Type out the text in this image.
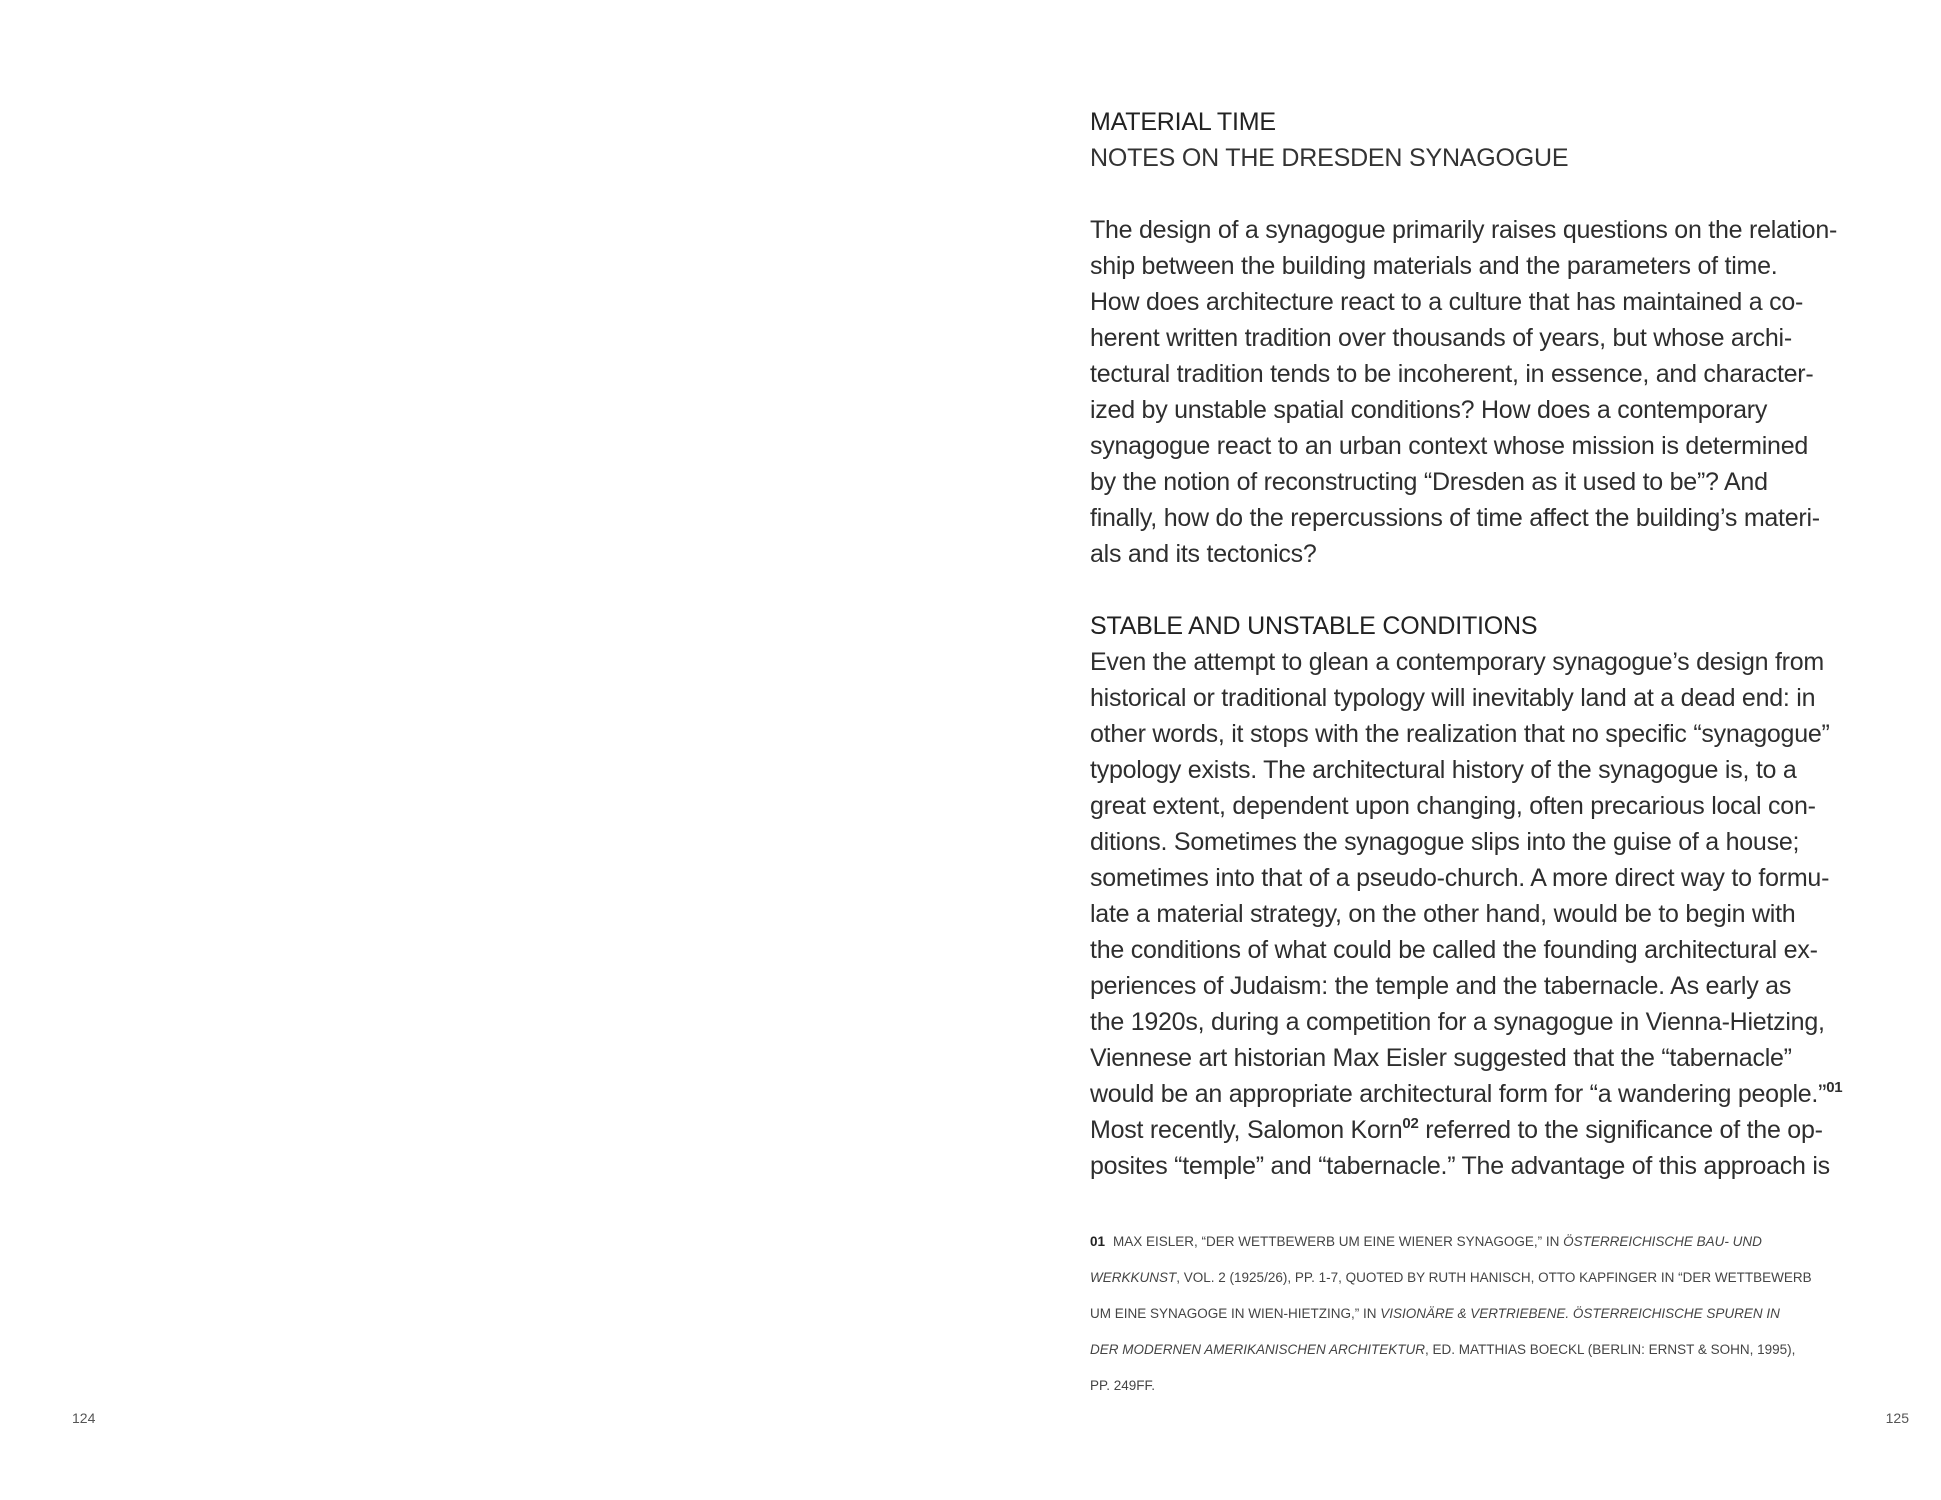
124
MATERIAL TIME
NOTES ON THE DRESDEN SYNAGOGUE

The design of a synagogue primarily raises questions on the relation-
ship between the building materials and the parameters of time.
How does architecture react to a culture that has maintained a co-
herent written tradition over thousands of years, but whose archi-
tectural tradition tends to be incoherent, in essence, and character-
ized by unstable spatial conditions? How does a contemporary
synagogue react to an urban context whose mission is determined
by the notion of reconstructing “Dresden as it used to be”? And
finally, how do the repercussions of time affect the building’s materi-
als and its tectonics?

STABLE AND UNSTABLE CONDITIONS

Even the attempt to glean a contemporary synagogue’s design from
historical or traditional typology will inevitably land at a dead end: in
other words, it stops with the realization that no specific “synagogue”
typology exists. The architectural history of the synagogue is, to a
great extent, dependent upon changing, often precarious local con-
ditions. Sometimes the synagogue slips into the guise of a house;
sometimes into that of a pseudo-church. A more direct way to formu-
late a material strategy, on the other hand, would be to begin with
the conditions of what could be called the founding architectural ex-
periences of Judaism: the temple and the tabernacle. As early as
the 1920s, during a competition for a synagogue in Vienna-Hietzing,
Viennese art historian Max Eisler suggested that the “tabernacle”
would be an appropriate architectural form for “a wandering people.”$^{01}$
Most recently, Salomon Korn$^{02}$ referred to the significance of the op-
posites “temple” and “tabernacle.” The advantage of this approach is

01 MAX EISLER, “DER WETTBEWERB UM EINE WIENER SYNAGOGE,” IN ÖSTERREICHISCHE BAU- UND
WERKKUNST, VOL. 2 (1925/26), PP. 1-7, QUOTED BY RUTH HANISCH, OTTO KAPFINGER IN “DER WETTBEWERB
UM EINE SYNAGOGE IN WIEN-HIETZING,” IN VISIONÄRE & VERTRIEBENE. ÖSTERREICHISCHE SPUREN IN
DER MODERNEN AMERIKANISCHEN ARCHITEKTUR, ED. MATTHIAS BOECKL (BERLIN: ERNST & SOHN, 1995),
PP. 249FF.

125
